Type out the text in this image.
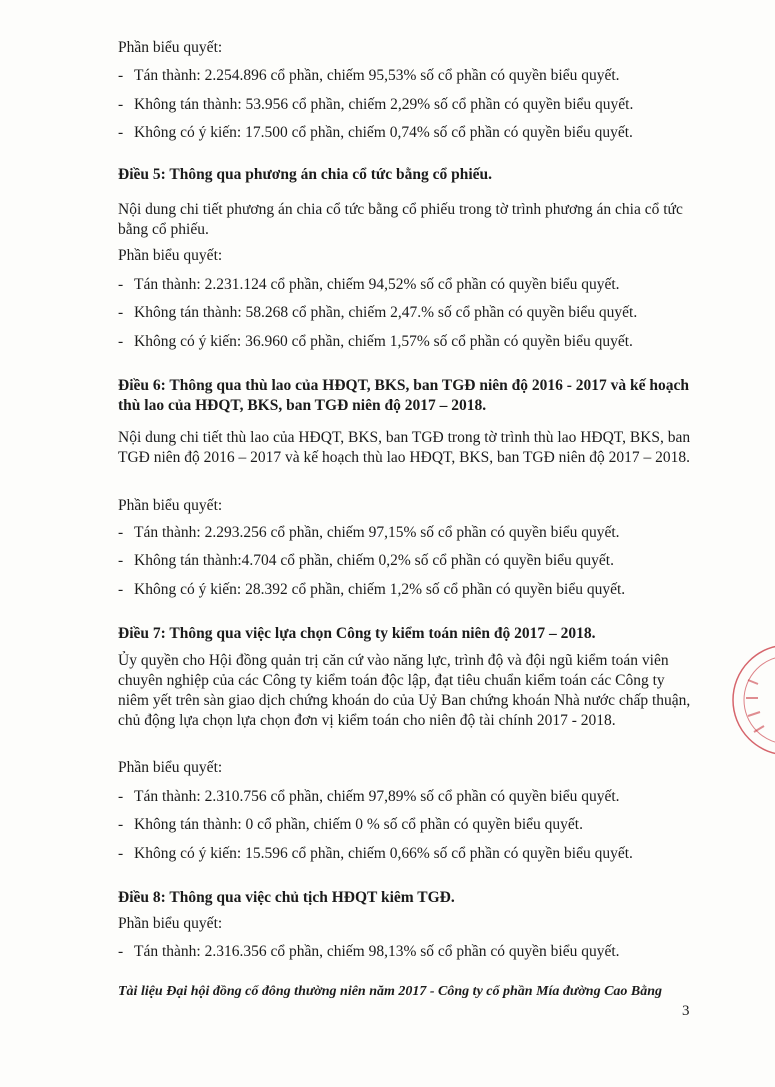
Phần biểu quyết:

- Tán thành: 2.254.896 cổ phần, chiếm 95,53% số cổ phần có quyền biểu quyết.

- Không tán thành: 53.956 cổ phần, chiếm 2,29% số cổ phần có quyền biểu quyết.

- Không có ý kiến: 17.500 cổ phần, chiếm 0,74% số cổ phần có quyền biểu quyết.

Điều 5: Thông qua phương án chia cổ tức bằng cổ phiếu.

Nội dung chi tiết phương án chia cổ tức bằng cổ phiếu trong tờ trình phương án chia cổ tức bằng cổ phiếu.

Phần biểu quyết:

- Tán thành: 2.231.124 cổ phần, chiếm 94,52% số cổ phần có quyền biểu quyết.

- Không tán thành: 58.268 cổ phần, chiếm 2,47.% số cổ phần có quyền biểu quyết.

- Không có ý kiến: 36.960 cổ phần, chiếm 1,57% số cổ phần có quyền biểu quyết.

Điều 6: Thông qua thù lao của HĐQT, BKS, ban TGĐ niên độ 2016 - 2017 và kế hoạch thù lao của HĐQT, BKS, ban TGĐ niên độ 2017 – 2018.

Nội dung chi tiết thù lao của HĐQT, BKS, ban TGĐ trong tờ trình thù lao HĐQT, BKS, ban TGĐ niên độ 2016 – 2017 và kế hoạch thù lao HĐQT, BKS, ban TGĐ niên độ 2017 – 2018.

Phần biểu quyết:

- Tán thành: 2.293.256 cổ phần, chiếm 97,15% số cổ phần có quyền biểu quyết.

- Không tán thành:4.704 cổ phần, chiếm 0,2% số cổ phần có quyền biểu quyết.

- Không có ý kiến: 28.392 cổ phần, chiếm 1,2% số cổ phần có quyền biểu quyết.

Điều 7: Thông qua việc lựa chọn Công ty kiểm toán niên độ 2017 – 2018.

Ủy quyền cho Hội đồng quản trị căn cứ vào năng lực, trình độ và đội ngũ kiểm toán viên chuyên nghiệp của các Công ty kiểm toán độc lập, đạt tiêu chuẩn kiểm toán các Công ty niêm yết trên sàn giao dịch chứng khoán do của Uỷ Ban chứng khoán Nhà nước chấp thuận, chủ động lựa chọn lựa chọn đơn vị kiểm toán cho niên độ tài chính 2017 - 2018.

Phần biểu quyết:

- Tán thành: 2.310.756 cổ phần, chiếm 97,89% số cổ phần có quyền biểu quyết.

- Không tán thành: 0 cổ phần, chiếm 0 % số cổ phần có quyền biểu quyết.

- Không có ý kiến: 15.596 cổ phần, chiếm 0,66% số cổ phần có quyền biểu quyết.

Điều 8: Thông qua việc chủ tịch HĐQT kiêm TGĐ.

Phần biểu quyết:

- Tán thành: 2.316.356 cổ phần, chiếm 98,13% số cổ phần có quyền biểu quyết.

Tài liệu Đại hội đồng cổ đông thường niên năm 2017 - Công ty cổ phần Mía đường Cao Bằng
3
